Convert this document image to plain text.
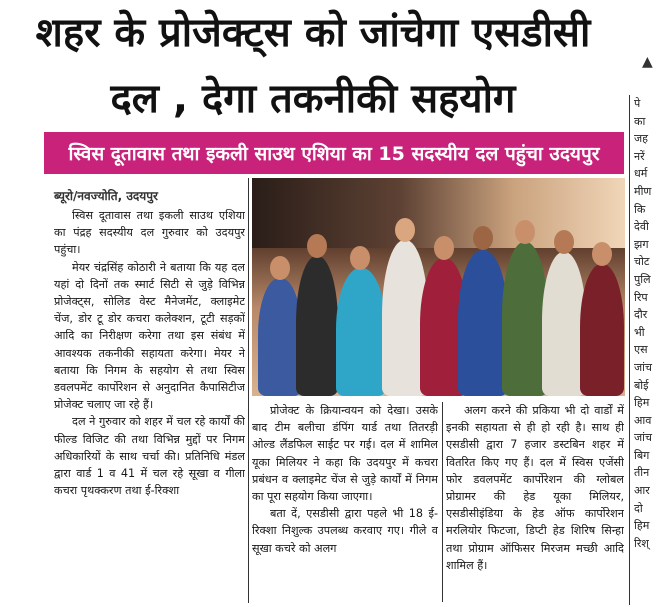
शहर के प्रोजेक्ट्स को जांचेगा एसडीसी
दल , देगा तकनीकी सहयोग
स्विस दूतावास तथा इकली साउथ एशिया का 15 सदस्यीय दल पहुंचा उदयपुर
ब्यूरो/नवज्योति, उदयपुर

स्विस दूतावास तथा इकली साउथ एशिया का पंद्रह सदस्यीय दल गुरुवार को उदयपुर पहुंचा।

मेयर चंद्रसिंह कोठारी ने बताया कि यह दल यहां दो दिनों तक स्मार्ट सिटी से जुड़े विभिन्न प्रोजेक्ट्स, सोलिड वेस्ट मैनेजमेंट, क्लाइमेट चेंज, डोर टू डोर कचरा कलेक्शन, टूटी सड़कों आदि का निरीक्षण करेगा तथा इस संबंध में आवश्यक तकनीकी सहायता करेगा। मेयर ने बताया कि निगम के सहयोग से तथा स्विस डवलपमेंट कार्पोरेशन से अनुदानित कैपासिटीज प्रोजेक्ट चलाए जा रहे हैं।

दल ने गुरुवार को शहर में चल रहे कार्यों की फील्ड विजिट की तथा विभिन्न मुद्दों पर निगम अधिकारियों के साथ चर्चा की। प्रतिनिधि मंडल द्वारा वार्ड 1 व 41 में चल रहे सूखा व गीला कचरा पृथक्करण तथा ई-रिक्शा

प्रोजेक्ट के क्रियान्वयन को देखा। उसके बाद टीम बलीचा डंपिंग यार्ड तथा तितरड़ी ओल्ड लैंडफिल साईट पर गई। दल में शामिल यूका मिलियर ने कहा कि उदयपुर में कचरा प्रबंधन व क्लाइमेट चेंज से जुड़े कार्यों में निगम का पूरा सहयोग किया जाएगा।

बता दें, एसडीसी द्वारा पहले भी 18 ई-रिक्शा निशुल्क उपलब्ध करवाए गए। गीले व सूखा कचरे को अलग

अलग करने की प्रकिया भी दो वार्डों में इनकी सहायता से ही हो रही है। साथ ही एसडीसी द्वारा 7 हजार डस्टबिन शहर में वितरित किए गए हैं। दल में स्विस एजेंसी फोर डवलपमेंट कार्पोरेशन की ग्लोबल प्रोग्रामर की हेड यूका मिलियर, एसडीसीइंडिया के हेड ऑफ कार्पोरेशन मरलियोर फिटजा, डिप्टी हेड शिरिष सिन्हा तथा प्रोग्राम ऑफिसर मिरजम मच्छी आदि शामिल हैं।

▲
पे
का
जह
नरें
धर्म
मीण
कि
देवी
झग
चोट
पुलि
रिप
दौर
भी
एस
जांच
बोई
हिम
आव
जांच
बिग
तीन
आर
दो
हिम
रिश्
